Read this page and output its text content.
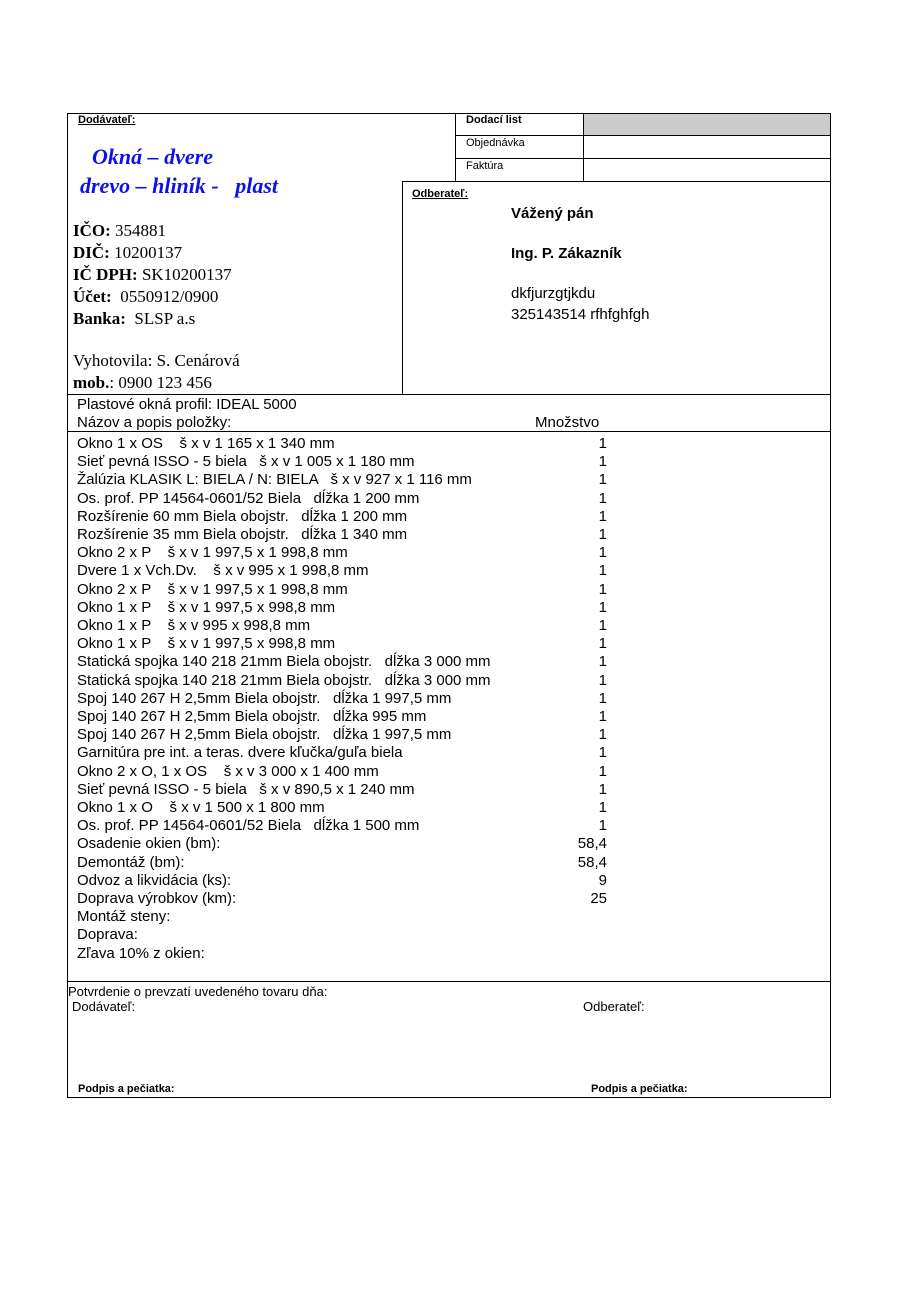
Dodávateľ:
Okná – dvere
drevo – hliník -   plast
IČO: 354881
DIČ: 10200137
IČ DPH: SK10200137
Účet: 0550912/0900
Banka: SLSP a.s
Vyhotovila: S. Cenárová
mob.: 0900 123 456
Dodací list
Objednávka
Faktúra
Odberateľ:
Vážený pán
Ing. P. Zákazník
dkfjurzgtjkdu
325143514 rfhfghfgh
Plastové okná profil: IDEAL 5000
Názov a popis položky:	Množstvo
Okno 1 x OS    š x v 1 165 x 1 340 mm	1
Sieť pevná ISSO - 5 biela   š x v 1 005 x 1 180 mm	1
Žalúzia KLASIK L: BIELA / N: BIELA   š x v 927 x 1 116 mm	1
Os. prof. PP 14564-0601/52 Biela   dĺžka 1 200 mm	1
Rozšírenie 60 mm Biela obojstr.   dĺžka 1 200 mm	1
Rozšírenie 35 mm Biela obojstr.   dĺžka 1 340 mm	1
Okno 2 x P    š x v 1 997,5 x 1 998,8 mm	1
Dvere 1 x Vch.Dv.    š x v 995 x 1 998,8 mm	1
Okno 2 x P    š x v 1 997,5 x 1 998,8 mm	1
Okno 1 x P    š x v 1 997,5 x 998,8 mm	1
Okno 1 x P    š x v 995 x 998,8 mm	1
Okno 1 x P    š x v 1 997,5 x 998,8 mm	1
Statická spojka 140 218 21mm Biela obojstr.   dĺžka 3 000 mm	1
Statická spojka 140 218 21mm Biela obojstr.   dĺžka 3 000 mm	1
Spoj 140 267 H 2,5mm Biela obojstr.   dĺžka 1 997,5 mm	1
Spoj 140 267 H 2,5mm Biela obojstr.   dĺžka 995 mm	1
Spoj 140 267 H 2,5mm Biela obojstr.   dĺžka 1 997,5 mm	1
Garnitúra pre int. a teras. dvere kľučka/guľa biela	1
Okno 2 x O, 1 x OS    š x v 3 000 x 1 400 mm	1
Sieť pevná ISSO - 5 biela   š x v 890,5 x 1 240 mm	1
Okno 1 x O    š x v 1 500 x 1 800 mm	1
Os. prof. PP 14564-0601/52 Biela   dĺžka 1 500 mm	1
Osadenie okien (bm):	58,4
Demontáž (bm):	58,4
Odvoz a likvidácia (ks):	9
Doprava výrobkov (km):	25
Montáž steny:
Doprava:
Zľava 10% z okien:
Potvrdenie o prevzatí uvedeného tovaru dňa:
Dodávateľ:	Odberateľ:
Podpis a pečiatka:	Podpis a pečiatka:
